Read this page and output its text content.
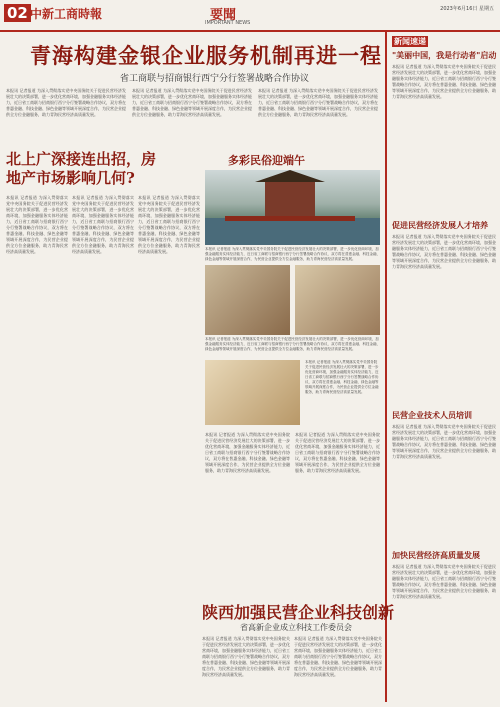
02 中新工商時報	要聞
IMPORTANT NEWS
2023年6月16日 星期五
青海构建金银企业服务机制再进一程
省工商联与招商银行西宁分行签署战略合作协议
本报讯 记者报道 为深入贯彻落实党中央国务院关于促进民营经济发展壮大的决策部署，进一步优化营商环境，加强金融服务实体经济能力，近日省工商联与招商银行西宁分行签署战略合作协议，双方将在普惠金融、科技金融、绿色金融等领域开展深度合作，为民营企业提供全方位金融服务，助力青海民营经济高质量发展。
本报讯 记者报道 为深入贯彻落实党中央国务院关于促进民营经济发展壮大的决策部署，进一步优化营商环境，加强金融服务实体经济能力，近日省工商联与招商银行西宁分行签署战略合作协议，双方将在普惠金融、科技金融、绿色金融等领域开展深度合作，为民营企业提供全方位金融服务，助力青海民营经济高质量发展。
本报讯 记者报道 为深入贯彻落实党中央国务院关于促进民营经济发展壮大的决策部署，进一步优化营商环境，加强金融服务实体经济能力，近日省工商联与招商银行西宁分行签署战略合作协议，双方将在普惠金融、科技金融、绿色金融等领域开展深度合作，为民营企业提供全方位金融服务，助力青海民营经济高质量发展。
新闻速递
"美丽中国，我是行动者"启动
本报讯 记者报道 为深入贯彻落实党中央国务院关于促进民营经济发展壮大的决策部署，进一步优化营商环境，加强金融服务实体经济能力，近日省工商联与招商银行西宁分行签署战略合作协议，双方将在普惠金融、科技金融、绿色金融等领域开展深度合作，为民营企业提供全方位金融服务，助力青海民营经济高质量发展。
促进民营经济发展人才培养
本报讯 记者报道 为深入贯彻落实党中央国务院关于促进民营经济发展壮大的决策部署，进一步优化营商环境，加强金融服务实体经济能力，近日省工商联与招商银行西宁分行签署战略合作协议，双方将在普惠金融、科技金融、绿色金融等领域开展深度合作，为民营企业提供全方位金融服务，助力青海民营经济高质量发展。
民营企业技术人员培训
本报讯 记者报道 为深入贯彻落实党中央国务院关于促进民营经济发展壮大的决策部署，进一步优化营商环境，加强金融服务实体经济能力，近日省工商联与招商银行西宁分行签署战略合作协议，双方将在普惠金融、科技金融、绿色金融等领域开展深度合作，为民营企业提供全方位金融服务，助力青海民营经济高质量发展。
加快民营经济高质量发展
本报讯 记者报道 为深入贯彻落实党中央国务院关于促进民营经济发展壮大的决策部署，进一步优化营商环境，加强金融服务实体经济能力，近日省工商联与招商银行西宁分行签署战略合作协议，双方将在普惠金融、科技金融、绿色金融等领域开展深度合作，为民营企业提供全方位金融服务，助力青海民营经济高质量发展。
北上广深接连出招，房地产市场影响几何?
本报讯 记者报道 为深入贯彻落实党中央国务院关于促进民营经济发展壮大的决策部署，进一步优化营商环境，加强金融服务实体经济能力，近日省工商联与招商银行西宁分行签署战略合作协议，双方将在普惠金融、科技金融、绿色金融等领域开展深度合作，为民营企业提供全方位金融服务，助力青海民营经济高质量发展。
本报讯 记者报道 为深入贯彻落实党中央国务院关于促进民营经济发展壮大的决策部署，进一步优化营商环境，加强金融服务实体经济能力，近日省工商联与招商银行西宁分行签署战略合作协议，双方将在普惠金融、科技金融、绿色金融等领域开展深度合作，为民营企业提供全方位金融服务，助力青海民营经济高质量发展。
本报讯 记者报道 为深入贯彻落实党中央国务院关于促进民营经济发展壮大的决策部署，进一步优化营商环境，加强金融服务实体经济能力，近日省工商联与招商银行西宁分行签署战略合作协议，双方将在普惠金融、科技金融、绿色金融等领域开展深度合作，为民营企业提供全方位金融服务，助力青海民营经济高质量发展。
多彩民俗迎端午
本报讯 记者报道 为深入贯彻落实党中央国务院关于促进民营经济发展壮大的决策部署，进一步优化营商环境，加强金融服务实体经济能力，近日省工商联与招商银行西宁分行签署战略合作协议，双方将在普惠金融、科技金融、绿色金融等领域开展深度合作，为民营企业提供全方位金融服务，助力青海民营经济高质量发展。
本报讯 记者报道 为深入贯彻落实党中央国务院关于促进民营经济发展壮大的决策部署，进一步优化营商环境，加强金融服务实体经济能力，近日省工商联与招商银行西宁分行签署战略合作协议，双方将在普惠金融、科技金融、绿色金融等领域开展深度合作，为民营企业提供全方位金融服务，助力青海民营经济高质量发展。
本报讯 记者报道 为深入贯彻落实党中央国务院关于促进民营经济发展壮大的决策部署，进一步优化营商环境，加强金融服务实体经济能力，近日省工商联与招商银行西宁分行签署战略合作协议，双方将在普惠金融、科技金融、绿色金融等领域开展深度合作，为民营企业提供全方位金融服务，助力青海民营经济高质量发展。
本报讯 记者报道 为深入贯彻落实党中央国务院关于促进民营经济发展壮大的决策部署，进一步优化营商环境，加强金融服务实体经济能力，近日省工商联与招商银行西宁分行签署战略合作协议，双方将在普惠金融、科技金融、绿色金融等领域开展深度合作，为民营企业提供全方位金融服务，助力青海民营经济高质量发展。
本报讯 记者报道 为深入贯彻落实党中央国务院关于促进民营经济发展壮大的决策部署，进一步优化营商环境，加强金融服务实体经济能力，近日省工商联与招商银行西宁分行签署战略合作协议，双方将在普惠金融、科技金融、绿色金融等领域开展深度合作，为民营企业提供全方位金融服务，助力青海民营经济高质量发展。
陕西加强民营企业科技创新
省高新企业成立科技工作委员会
本报讯 记者报道 为深入贯彻落实党中央国务院关于促进民营经济发展壮大的决策部署，进一步优化营商环境，加强金融服务实体经济能力，近日省工商联与招商银行西宁分行签署战略合作协议，双方将在普惠金融、科技金融、绿色金融等领域开展深度合作，为民营企业提供全方位金融服务，助力青海民营经济高质量发展。
本报讯 记者报道 为深入贯彻落实党中央国务院关于促进民营经济发展壮大的决策部署，进一步优化营商环境，加强金融服务实体经济能力，近日省工商联与招商银行西宁分行签署战略合作协议，双方将在普惠金融、科技金融、绿色金融等领域开展深度合作，为民营企业提供全方位金融服务，助力青海民营经济高质量发展。
